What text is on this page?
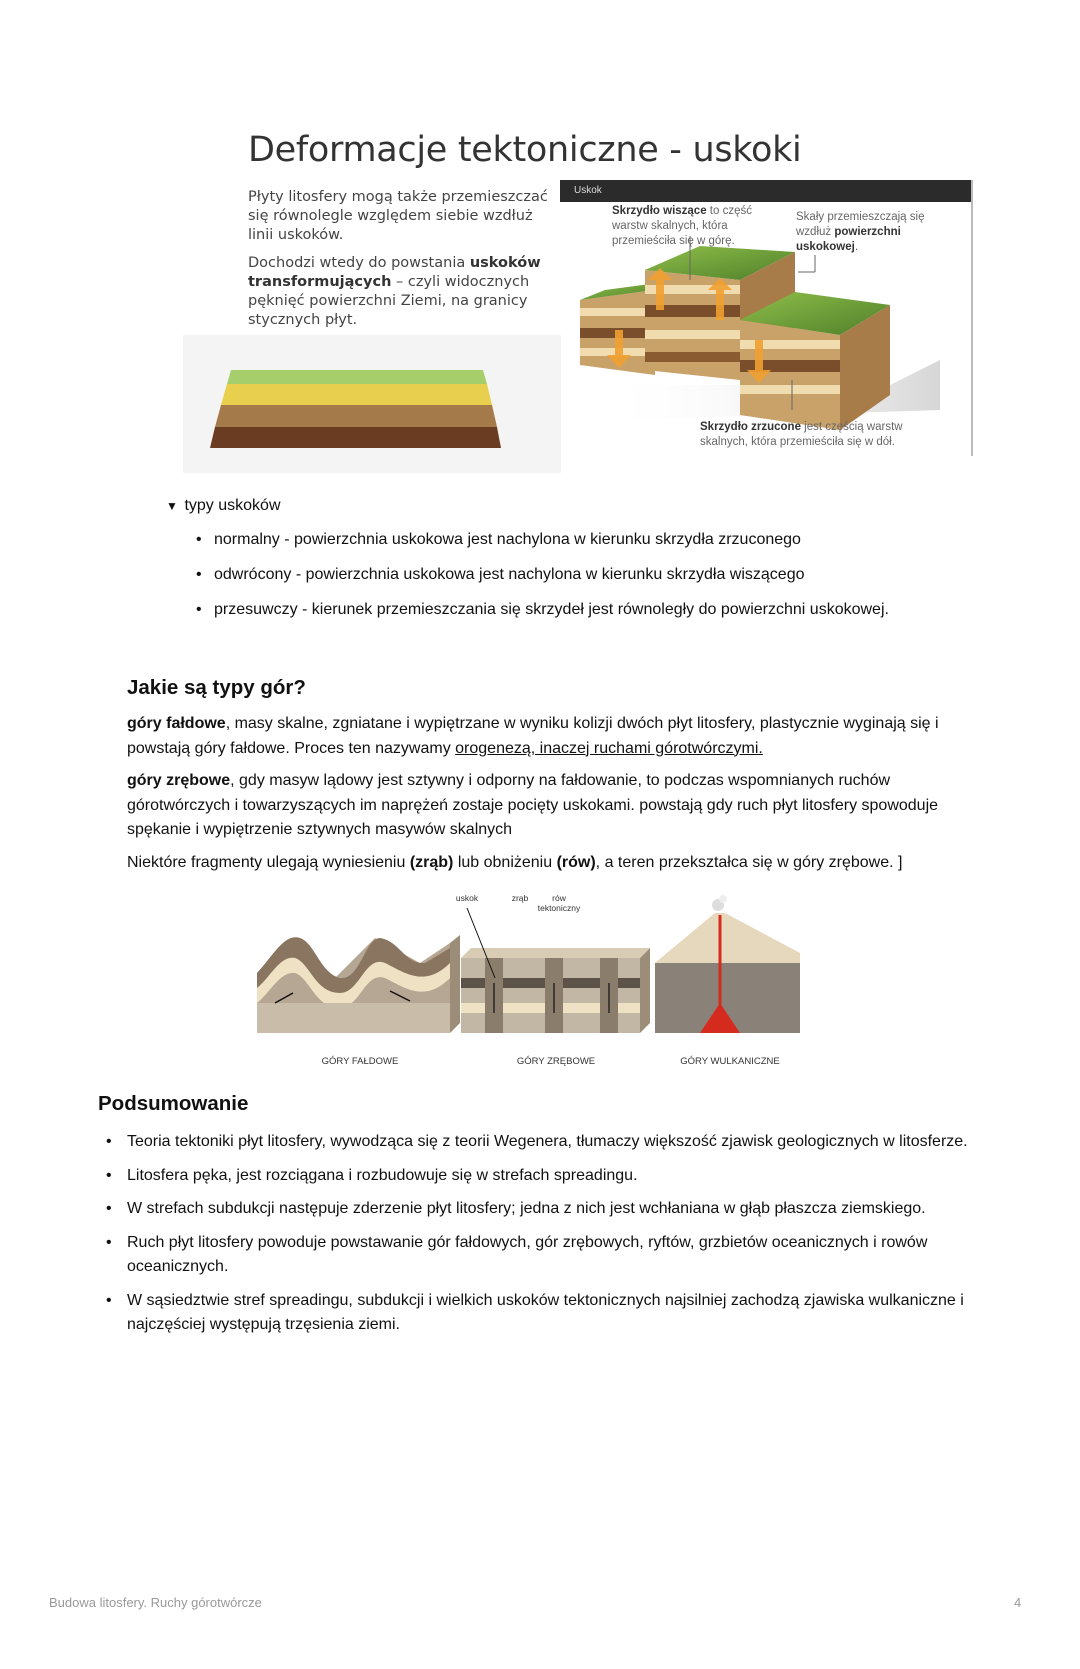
Deformacje tektoniczne - uskoki

Płyty litosfery mogą także przemieszczać się równolegle względem siebie wzdłuż linii uskoków.

Dochodzi wtedy do powstania uskoków transformujących – czyli widocznych pęknięć powierzchni Ziemi, na granicy stycznych płyt.

Uskok
Skrzydło wiszące to część warstw skalnych, która przemieściła się w górę.
Skały przemieszczają się wzdłuż powierzchni uskokowej.
Skrzydło zrzucone jest częścią warstw skalnych, która przemieściła się w dół.
▼ typy uskoków
• normalny - powierzchnia uskokowa jest nachylona w kierunku skrzydła zrzuconego
• odwrócony - powierzchnia uskokowa jest nachylona w kierunku skrzydła wiszącego
• przesuwczy - kierunek przemieszczania się skrzydeł jest równoległy do powierzchni uskokowej.
Jakie są typy gór?

góry fałdowe, masy skalne, zgniatane i wypiętrzane w wyniku kolizji dwóch płyt litosfery, plastycznie wyginają się i powstają góry fałdowe. Proces ten nazywamy orogenezą, inaczej ruchami górotwórczymi.

góry zrębowe, gdy masyw lądowy jest sztywny i odporny na fałdowanie, to podczas wspomnianych ruchów górotwórczych i towarzyszących im naprężeń zostaje pocięty uskokami. powstają gdy ruch płyt litosfery spowoduje spękanie i wypiętrzenie sztywnych masywów skalnych

Niektóre fragmenty ulegają wyniesieniu (zrąb) lub obniżeniu (rów), a teren przekształca się w góry zrębowe. ]

uskok	zrąb	rów tektoniczny
GÓRY FAŁDOWE	GÓRY ZRĘBOWE	GÓRY WULKANICZNE
Podsumowanie
• Teoria tektoniki płyt litosfery, wywodząca się z teorii Wegenera, tłumaczy większość zjawisk geologicznych w litosferze.
• Litosfera pęka, jest rozciągana i rozbudowuje się w strefach spreadingu.
• W strefach subdukcji następuje zderzenie płyt litosfery; jedna z nich jest wchłaniana w głąb płaszcza ziemskiego.
• Ruch płyt litosfery powoduje powstawanie gór fałdowych, gór zrębowych, ryftów, grzbietów oceanicznych i rowów oceanicznych.
• W sąsiedztwie stref spreadingu, subdukcji i wielkich uskoków tektonicznych najsilniej zachodzą zjawiska wulkaniczne i najczęściej występują trzęsienia ziemi.
Budowa litosfery. Ruchy górotwórcze	4
